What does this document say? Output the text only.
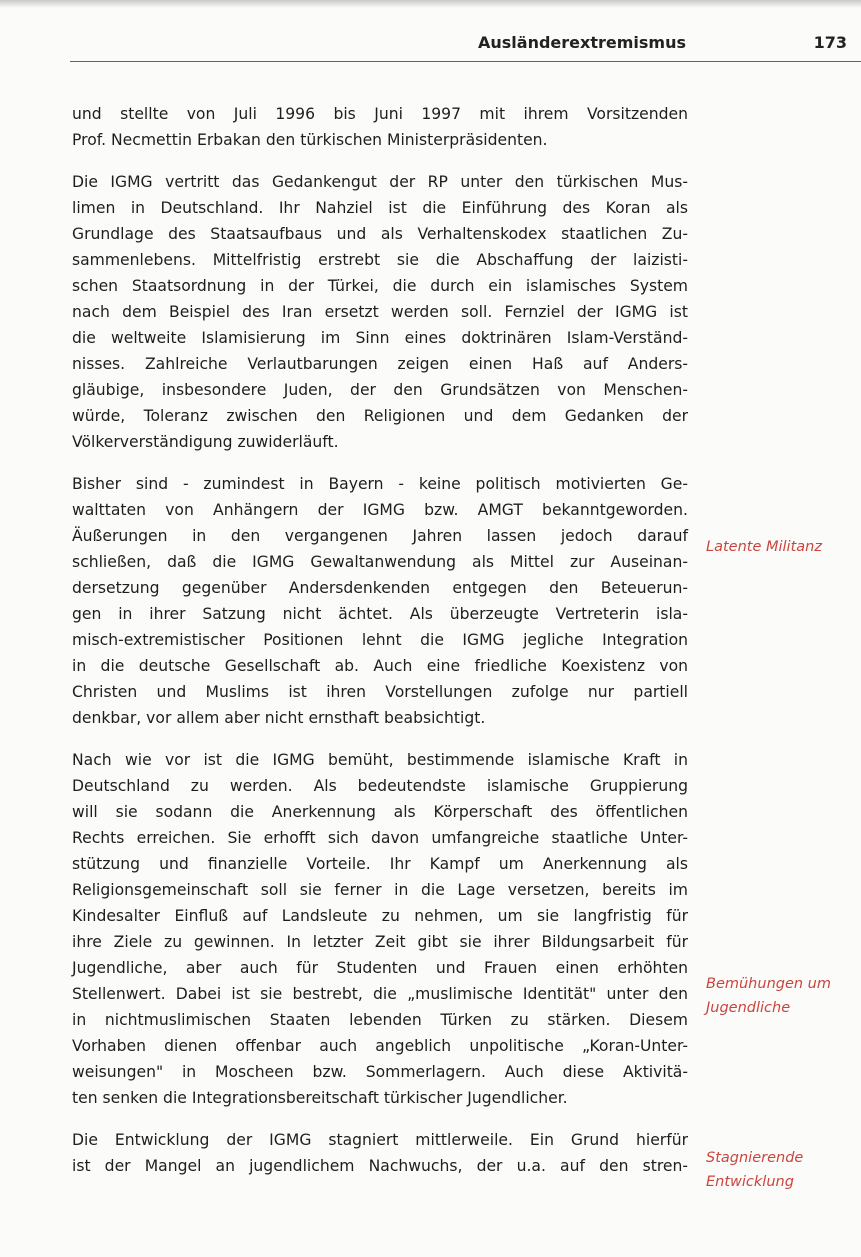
Ausländerextremismus	173

und stellte von Juli 1996 bis Juni 1997 mit ihrem Vorsitzenden
Prof. Necmettin Erbakan den türkischen Ministerpräsidenten.

Die IGMG vertritt das Gedankengut der RP unter den türkischen Mus-
limen in Deutschland. Ihr Nahziel ist die Einführung des Koran als
Grundlage des Staatsaufbaus und als Verhaltenskodex staatlichen Zu-
sammenlebens. Mittelfristig erstrebt sie die Abschaffung der laizisti-
schen Staatsordnung in der Türkei, die durch ein islamisches System
nach dem Beispiel des Iran ersetzt werden soll. Fernziel der IGMG ist
die weltweite Islamisierung im Sinn eines doktrinären Islam-Verständ-
nisses. Zahlreiche Verlautbarungen zeigen einen Haß auf Anders-
gläubige, insbesondere Juden, der den Grundsätzen von Menschen-
würde, Toleranz zwischen den Religionen und dem Gedanken der
Völkerverständigung zuwiderläuft.

Bisher sind - zumindest in Bayern - keine politisch motivierten Ge-
walttaten von Anhängern der IGMG bzw. AMGT bekanntgeworden.
Äußerungen in den vergangenen Jahren lassen jedoch darauf
schließen, daß die IGMG Gewaltanwendung als Mittel zur Auseinan-
dersetzung gegenüber Andersdenkenden entgegen den Beteuerun-
gen in ihrer Satzung nicht ächtet. Als überzeugte Vertreterin isla-
misch-extremistischer Positionen lehnt die IGMG jegliche Integration
in die deutsche Gesellschaft ab. Auch eine friedliche Koexistenz von
Christen und Muslims ist ihren Vorstellungen zufolge nur partiell
denkbar, vor allem aber nicht ernsthaft beabsichtigt.

Nach wie vor ist die IGMG bemüht, bestimmende islamische Kraft in
Deutschland zu werden. Als bedeutendste islamische Gruppierung
will sie sodann die Anerkennung als Körperschaft des öffentlichen
Rechts erreichen. Sie erhofft sich davon umfangreiche staatliche Unter-
stützung und finanzielle Vorteile. Ihr Kampf um Anerkennung als
Religionsgemeinschaft soll sie ferner in die Lage versetzen, bereits im
Kindesalter Einfluß auf Landsleute zu nehmen, um sie langfristig für
ihre Ziele zu gewinnen. In letzter Zeit gibt sie ihrer Bildungsarbeit für
Jugendliche, aber auch für Studenten und Frauen einen erhöhten
Stellenwert. Dabei ist sie bestrebt, die „muslimische Identität" unter den
in nichtmuslimischen Staaten lebenden Türken zu stärken. Diesem
Vorhaben dienen offenbar auch angeblich unpolitische „Koran-Unter-
weisungen" in Moscheen bzw. Sommerlagern. Auch diese Aktivitä-
ten senken die Integrationsbereitschaft türkischer Jugendlicher.

Die Entwicklung der IGMG stagniert mittlerweile. Ein Grund hierfür
ist der Mangel an jugendlichem Nachwuchs, der u.a. auf den stren-

Latente Militanz
Bemühungen um
Jugendliche
Stagnierende
Entwicklung
